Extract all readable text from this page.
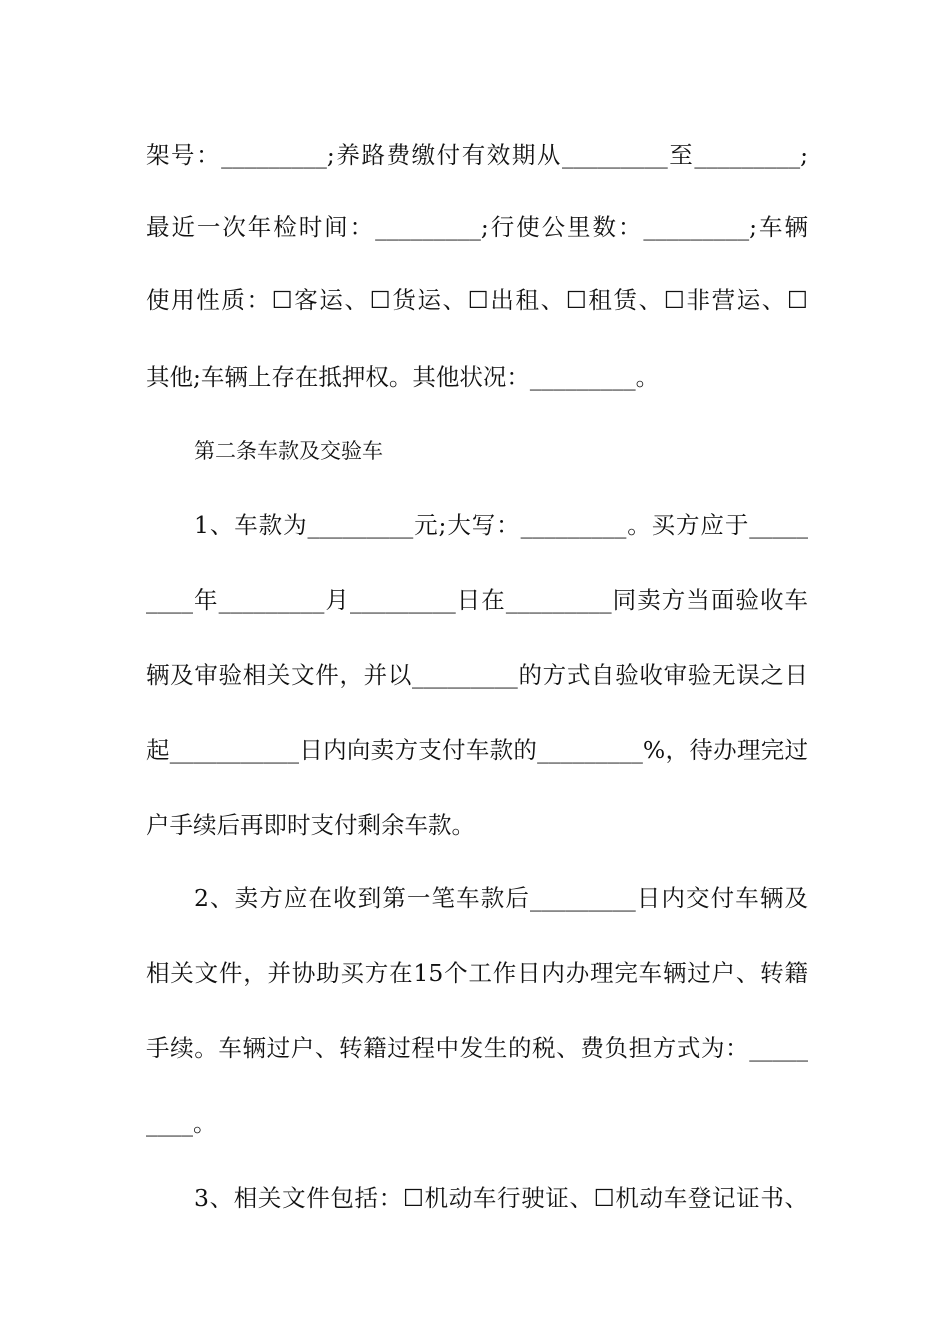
架号：_________;养路费缴付有效期从_________至_________;
最近一次年检时间：_________;行使公里数：_________;车辆
使用性质：☐客运、☐货运、☐出租、☐租赁、☐非营运、☐
其他;车辆上存在抵押权。其他状况：_________。
第二条车款及交验车
1、车款为_________元;大写：_________。买方应于_____
____年_________月_________日在_________同卖方当面验收车
辆及审验相关文件，并以_________的方式自验收审验无误之日
起___________日内向卖方支付车款的_________%，待办理完过
户手续后再即时支付剩余车款。
2、卖方应在收到第一笔车款后_________日内交付车辆及
相关文件，并协助买方在15个工作日内办理完车辆过户、转籍
手续。车辆过户、转籍过程中发生的税、费负担方式为：_____
____。
3、相关文件包括：☐机动车行驶证、☐机动车登记证书、
